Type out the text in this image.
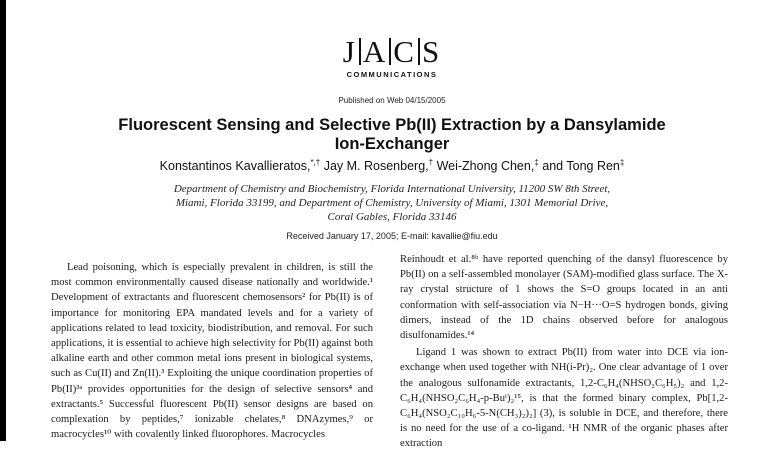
J A C S
COMMUNICATIONS
Published on Web 04/15/2005
Fluorescent Sensing and Selective Pb(II) Extraction by a Dansylamide
Ion-Exchanger
Konstantinos Kavallieratos,*,† Jay M. Rosenberg,† Wei-Zhong Chen,‡ and Tong Ren‡
Department of Chemistry and Biochemistry, Florida International University, 11200 SW 8th Street,
Miami, Florida 33199, and Department of Chemistry, University of Miami, 1301 Memorial Drive,
Coral Gables, Florida 33146
Received January 17, 2005; E-mail: kavallie@fiu.edu

Lead poisoning, which is especially prevalent in children, is still the most common environmentally caused disease nationally and worldwide.¹ Development of extractants and fluorescent chemosensors² for Pb(II) is of importance for monitoring EPA mandated levels and for a variety of applications related to lead toxicity, biodistribution, and removal. For such applications, it is essential to achieve high selectivity for Pb(II) against both alkaline earth and other common metal ions present in biological systems, such as Cu(II) and Zn(II).³ Exploiting the unique coordination properties of Pb(II)³ᵃ provides opportunities for the design of selective sensors⁴ and extractants.⁵ Successful fluorescent Pb(II) sensor designs are based on complexation by peptides,⁷ ionizable chelates,⁸ DNAzymes,⁹ or macrocycles¹⁰ with covalently linked fluorophores. Macrocycles

Reinhoudt et al.⁸ᵇ have reported quenching of the dansyl fluorescence by Pb(II) on a self-assembled monolayer (SAM)-modified glass surface. The X-ray crystal structure of 1 shows the S=O groups located in an anti conformation with self-association via N−H···O=S hydrogen bonds, giving dimers, instead of the 1D chains observed before for analogous disulfonamides.¹⁴

Ligand 1 was shown to extract Pb(II) from water into DCE via ion-exchange when used together with NH(i-Pr)₂. One clear advantage of 1 over the analogous sulfonamide extractants, 1,2-C₆H₄(NHSO₂C₆H₅)₂ and 1,2-C₆H₄(NHSO₂C₆H₄-p-Buᵗ)₂¹⁵, is that the formed binary complex, Pb[1,2-C₆H₄(NSO₂C₁₀H₆-5-N(CH₃)₂)₂] (3), is soluble in DCE, and therefore, there is no need for the use of a co-ligand. ¹H NMR of the organic phases after extraction
